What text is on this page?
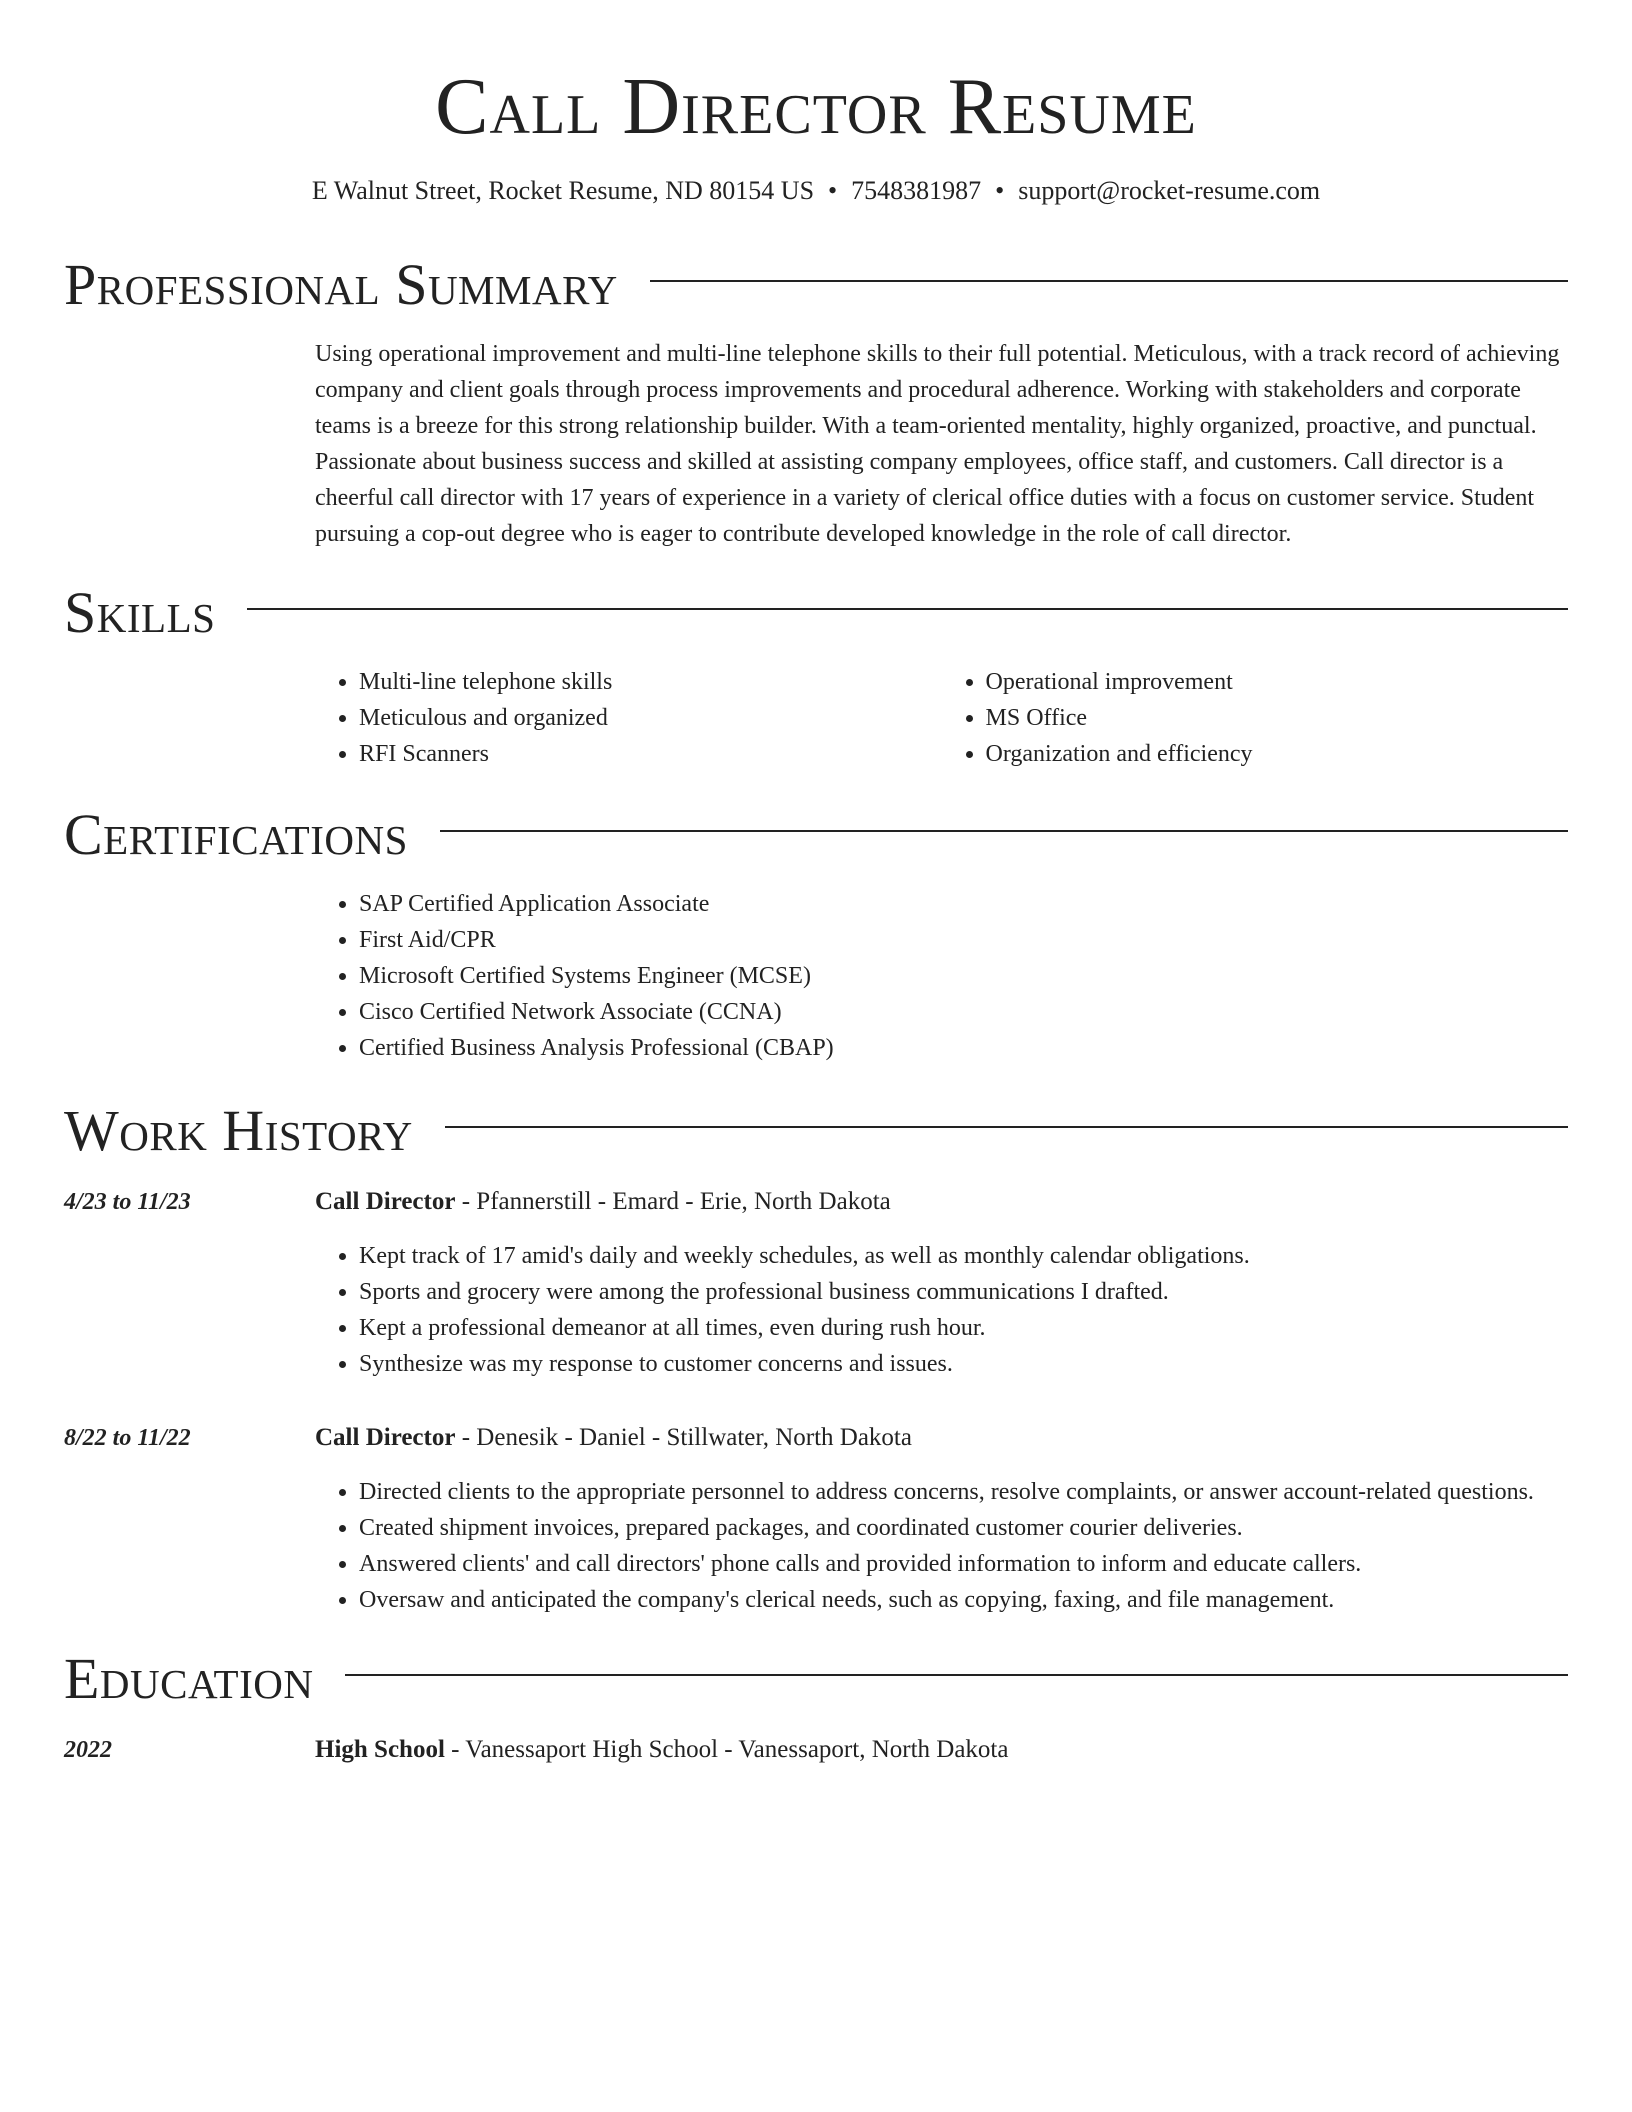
Call Director Resume
E Walnut Street, Rocket Resume, ND 80154 US • 7548381987 • support@rocket-resume.com
Professional Summary
Using operational improvement and multi-line telephone skills to their full potential. Meticulous, with a track record of achieving company and client goals through process improvements and procedural adherence. Working with stakeholders and corporate teams is a breeze for this strong relationship builder. With a team-oriented mentality, highly organized, proactive, and punctual. Passionate about business success and skilled at assisting company employees, office staff, and customers. Call director is a cheerful call director with 17 years of experience in a variety of clerical office duties with a focus on customer service. Student pursuing a cop-out degree who is eager to contribute developed knowledge in the role of call director.
Skills
• Multi-line telephone skills
• Meticulous and organized
• RFI Scanners
• Operational improvement
• MS Office
• Organization and efficiency
Certifications
• SAP Certified Application Associate
• First Aid/CPR
• Microsoft Certified Systems Engineer (MCSE)
• Cisco Certified Network Associate (CCNA)
• Certified Business Analysis Professional (CBAP)
Work History
4/23 to 11/23	Call Director - Pfannerstill - Emard - Erie, North Dakota
• Kept track of 17 amid's daily and weekly schedules, as well as monthly calendar obligations.
• Sports and grocery were among the professional business communications I drafted.
• Kept a professional demeanor at all times, even during rush hour.
• Synthesize was my response to customer concerns and issues.
8/22 to 11/22	Call Director - Denesik - Daniel - Stillwater, North Dakota
• Directed clients to the appropriate personnel to address concerns, resolve complaints, or answer account-related questions.
• Created shipment invoices, prepared packages, and coordinated customer courier deliveries.
• Answered clients' and call directors' phone calls and provided information to inform and educate callers.
• Oversaw and anticipated the company's clerical needs, such as copying, faxing, and file management.
Education
2022	High School - Vanessaport High School - Vanessaport, North Dakota
